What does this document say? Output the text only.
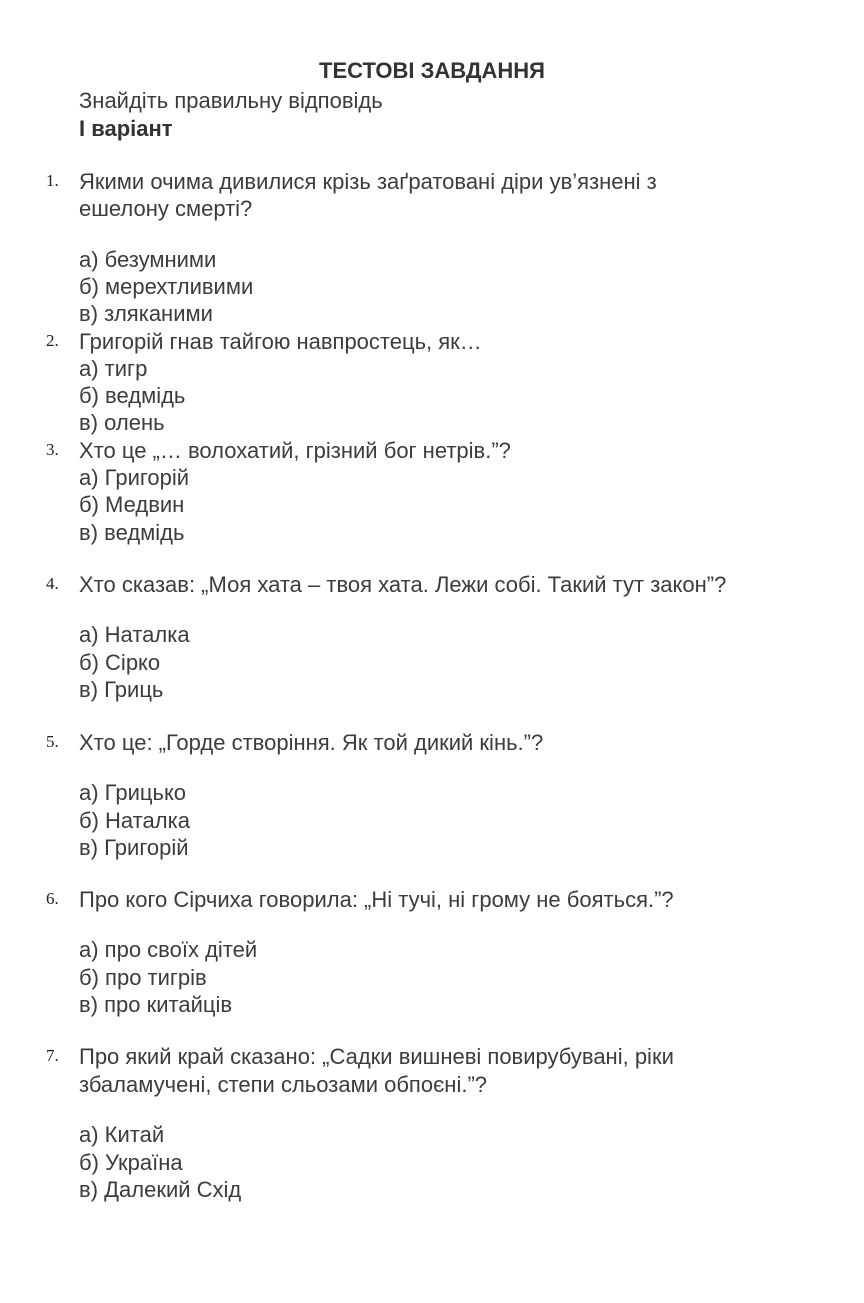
ТЕСТОВІ ЗАВДАННЯ
Знайдіть правильну відповідь
I варіант
1. Якими очима дивилися крізь заґратовані діри ув’язнені з
ешелону смерті?
а) безумними
б) мерехтливими
в) зляканими
2. Григорій гнав тайгою навпростець, як…
а) тигр
б) ведмідь
в) олень
3. Хто це „… волохатий, грізний бог нетрів.”?
а) Григорій
б) Медвин
в) ведмідь
4. Хто сказав: „Моя хата – твоя хата. Лежи собі. Такий тут закон”?
а) Наталка
б) Сірко
в) Гриць
5. Хто це: „Горде створіння. Як той дикий кінь.”?
а) Грицько
б) Наталка
в) Григорій
6. Про кого Сірчиха говорила: „Ні тучі, ні грому не бояться.”?
а) про своїх дітей
б) про тигрів
в) про китайців
7. Про який край сказано: „Садки вишневі повирубувані, ріки
збаламучені, степи сльозами обпоєні.”?
а) Китай
б) Україна
в) Далекий Схід
